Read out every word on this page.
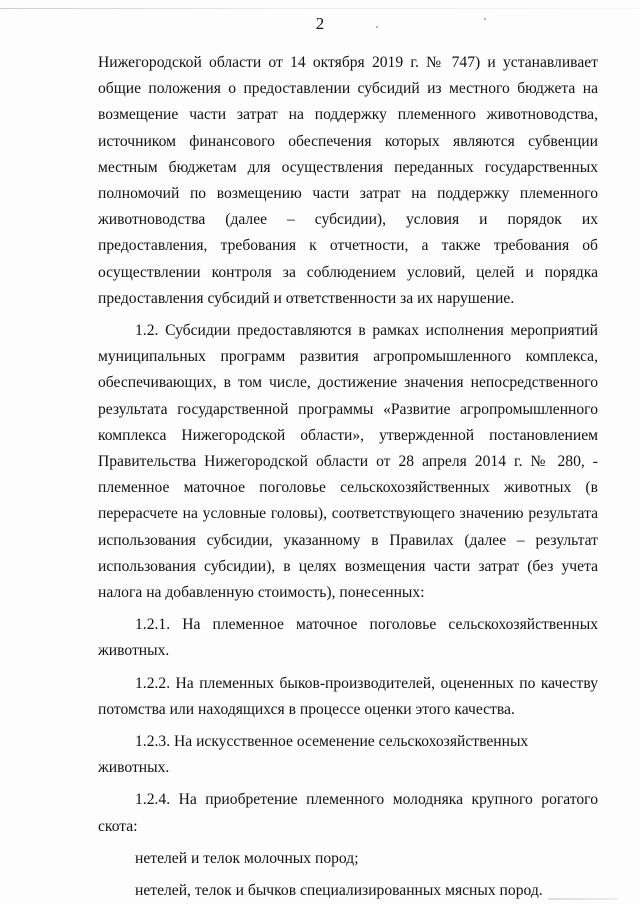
2

Нижегородской области от 14 октября 2019 г. № 747) и устанавливает общие положения о предоставлении субсидий из местного бюджета на возмещение части затрат на поддержку племенного животноводства, источником финансового обеспечения которых являются субвенции местным бюджетам для осуществления переданных государственных полномочий по возмещению части затрат на поддержку племенного животноводства (далее – субсидии), условия и порядок их предоставления, требования к отчетности, а также требования об осуществлении контроля за соблюдением условий, целей и порядка предоставления субсидий и ответственности за их нарушение.

1.2. Субсидии предоставляются в рамках исполнения мероприятий муниципальных программ развития агропромышленного комплекса, обеспечивающих, в том числе, достижение значения непосредственного результата государственной программы «Развитие агропромышленного комплекса Нижегородской области», утвержденной постановлением Правительства Нижегородской области от 28 апреля 2014 г. № 280, - племенное маточное поголовье сельскохозяйственных животных (в перерасчете на условные головы), соответствующего значению результата использования субсидии, указанному в Правилах (далее – результат использования субсидии), в целях возмещения части затрат (без учета налога на добавленную стоимость), понесенных:

1.2.1. На племенное маточное поголовье сельскохозяйственных животных.

1.2.2. На племенных быков-производителей, оцененных по качеству потомства или находящихся в процессе оценки этого качества.

1.2.3. На искусственное осеменение сельскохозяйственных животных.

1.2.4. На приобретение племенного молодняка крупного рогатого скота:

нетелей и телок молочных пород;

нетелей, телок и бычков специализированных мясных пород.
